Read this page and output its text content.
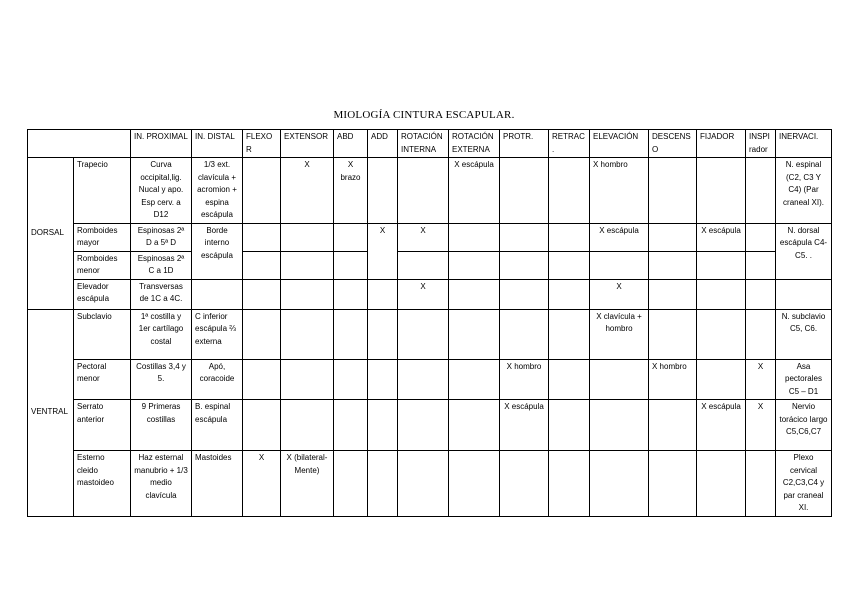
MIOLOGÍA CINTURA ESCAPULAR.
		IN. PROXIMAL	IN. DISTAL	FLEXOR	EXTENSOR	ABD	ADD	ROTACIÓN INTERNA	ROTACIÓN EXTERNA	PROTR.	RETRAC.	ELEVACIÓN	DESCENSO	FIJADOR	INSPI rador	INERVACI.
DORSAL	Trapecio	Curva occipital,lig. Nucal y apo. Esp cerv. a D12	1/3 ext. clavícula + acromion + espina escápula		X	X brazo			X escápula			X hombro				N. espinal (C2, C3 Y C4) (Par craneal XI).
	Romboides mayor	Espinosas 2ª D a 5ª D	Borde interno escápula				X	X				X escápula		X escápula		N. dorsal escápula C4-C5. .
	Romboides menor	Espinosas 2ª C a 1D														
	Elevador escápula	Transversas de 1C a 4C.						X				X				
VENTRAL	Subclavio	1ª costilla y 1er cartílago costal	C inferior escápula ⅔ externa									X clavícula + hombro				N. subclavio C5, C6.
	Pectoral menor	Costillas 3,4 y 5.	Apó, coracoide							X hombro			X hombro		X	Asa pectorales C5 – D1
	Serrato anterior	9 Primeras costillas	B. espinal escápula							X escápula				X escápula	X	Nervio torácico largo C5,C6,C7
	Esterno cleido mastoideo	Haz esternal manubrio + 1/3 medio clavícula	Mastoides	X	X (bilateral-Mente)											Plexo cervical C2,C3,C4 y par craneal XI.
